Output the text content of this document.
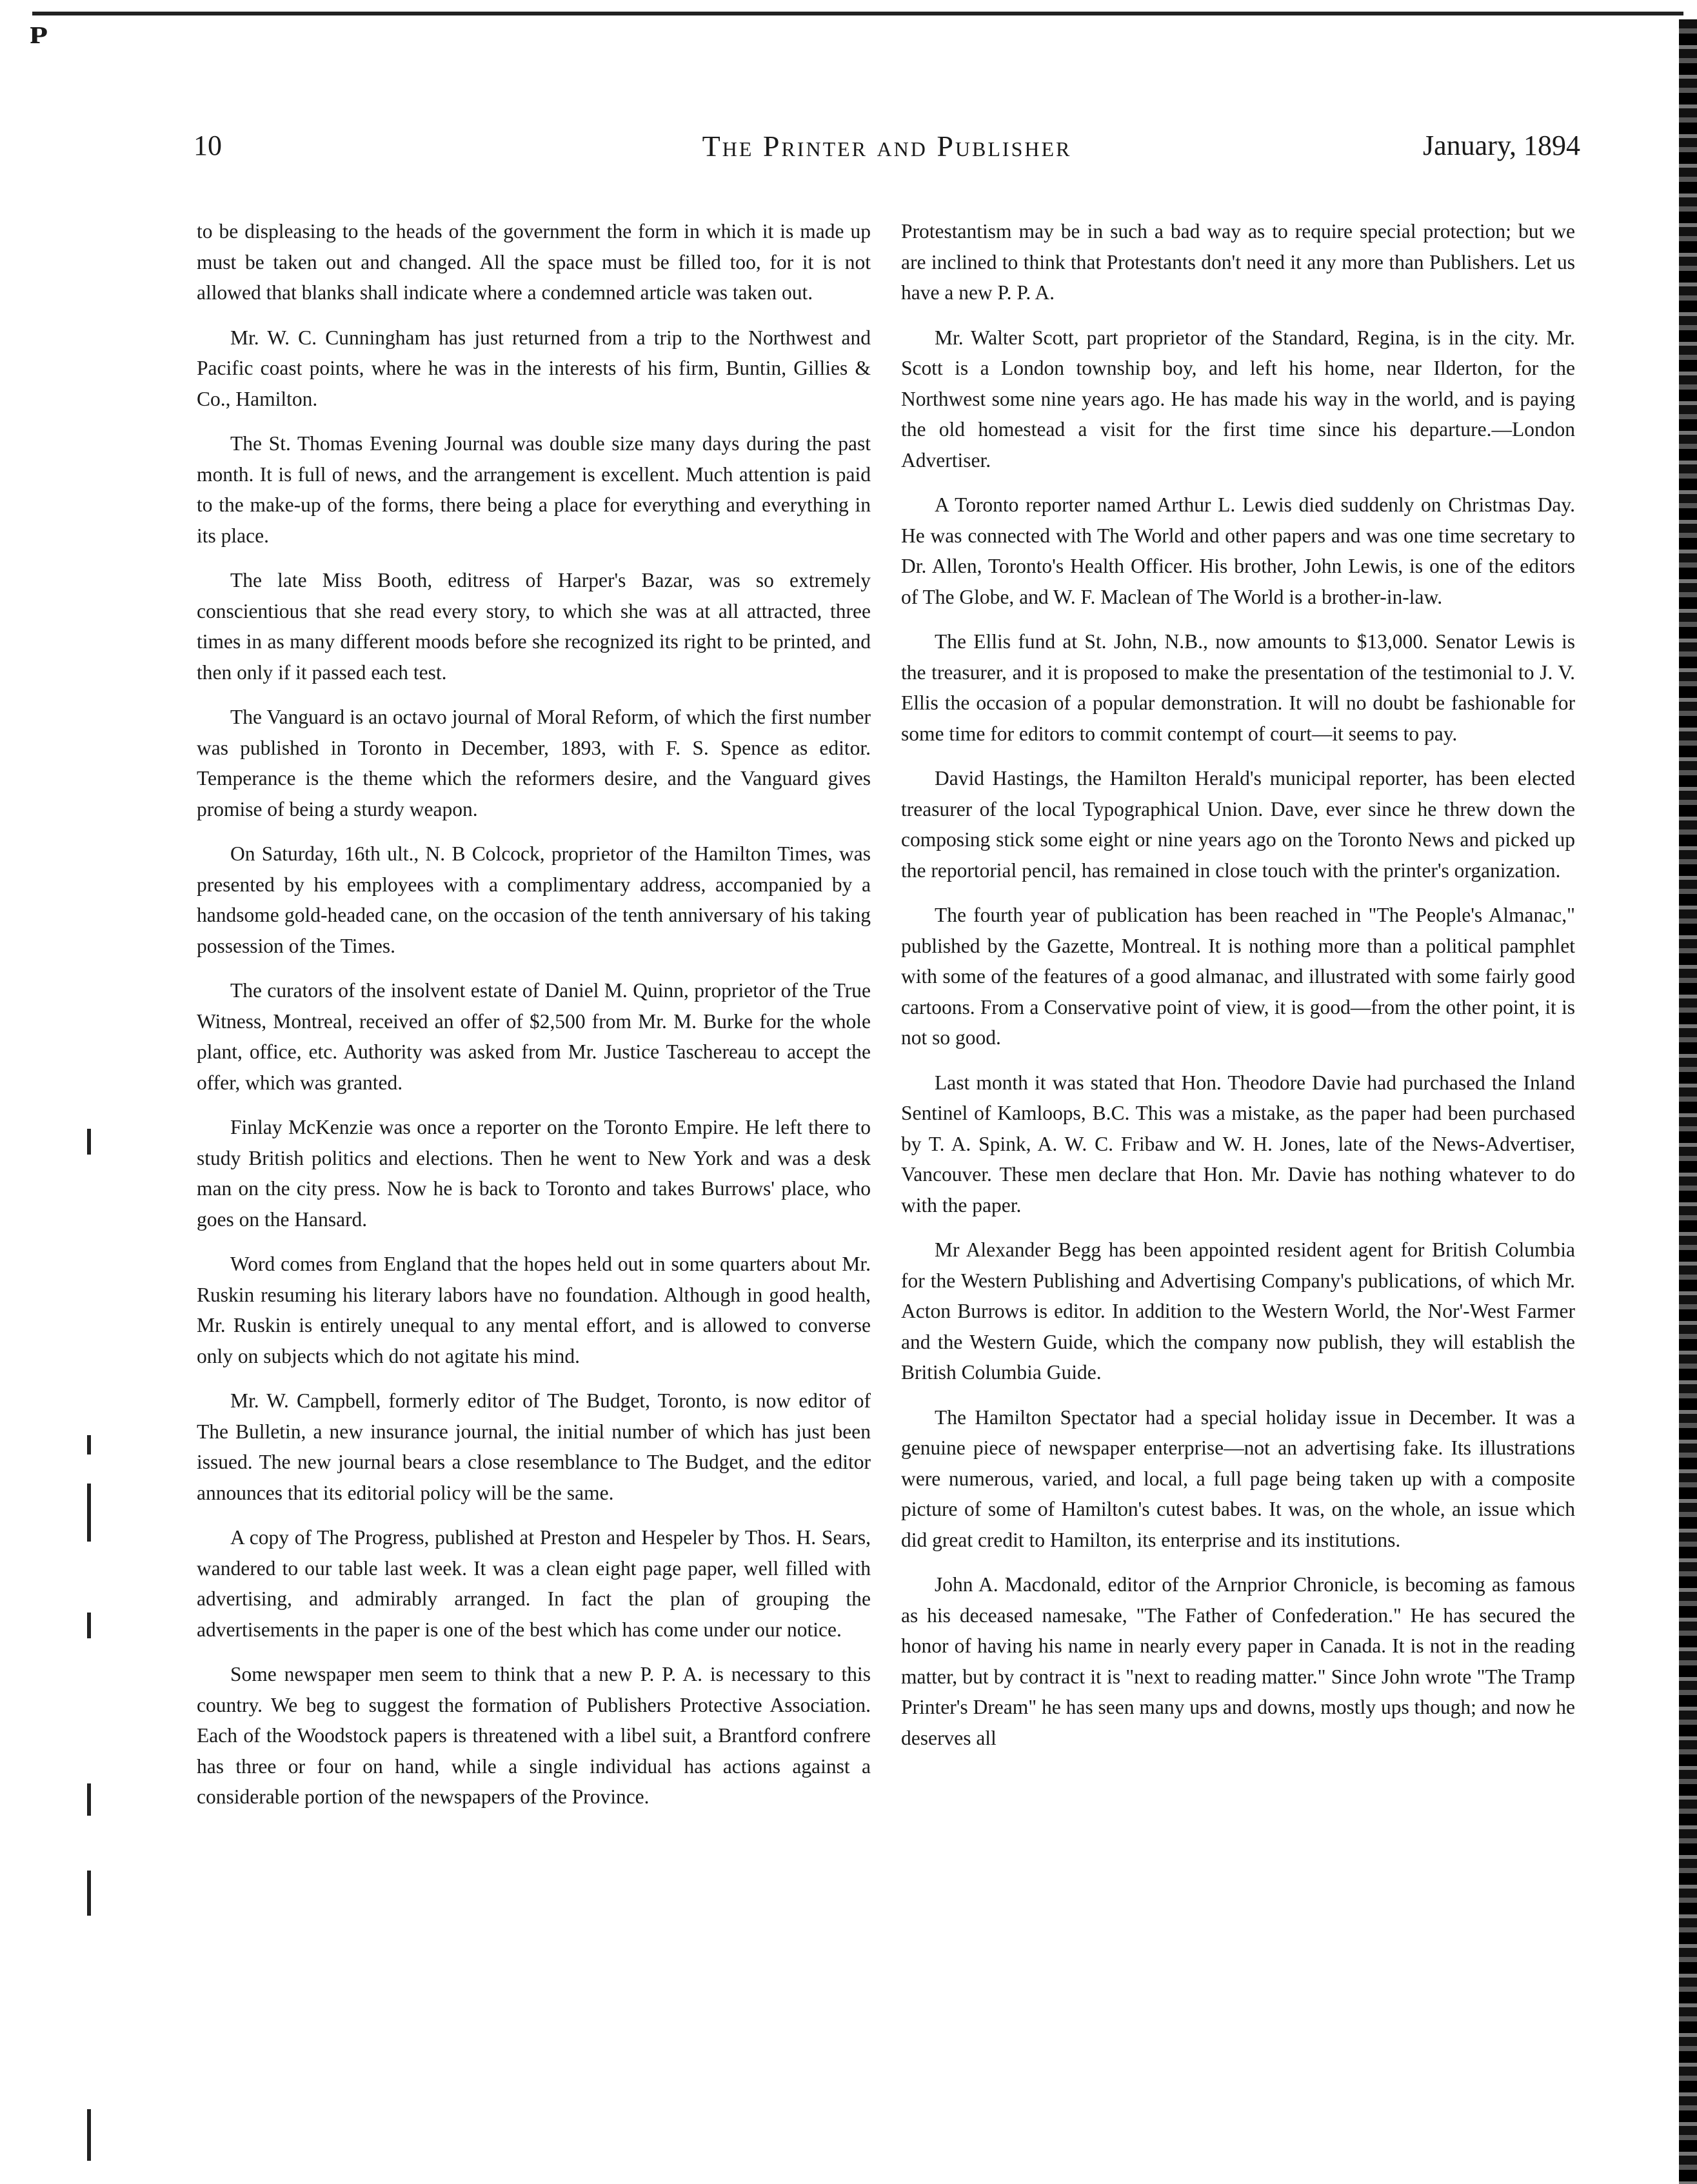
ᴘ
10	The Printer and Publisher	January, 1894

to be displeasing to the heads of the government the form in which it is made up must be taken out and changed. All the space must be filled too, for it is not allowed that blanks shall indicate where a condemned article was taken out.

Mr. W. C. Cunningham has just returned from a trip to the Northwest and Pacific coast points, where he was in the interests of his firm, Buntin, Gillies & Co., Hamilton.

The St. Thomas Evening Journal was double size many days during the past month. It is full of news, and the arrangement is excellent. Much attention is paid to the make-up of the forms, there being a place for everything and everything in its place.

The late Miss Booth, editress of Harper's Bazar, was so extremely conscientious that she read every story, to which she was at all attracted, three times in as many different moods before she recognized its right to be printed, and then only if it passed each test.

The Vanguard is an octavo journal of Moral Reform, of which the first number was published in Toronto in December, 1893, with F. S. Spence as editor. Temperance is the theme which the reformers desire, and the Vanguard gives promise of being a sturdy weapon.

On Saturday, 16th ult., N. B Colcock, proprietor of the Hamilton Times, was presented by his employees with a complimentary address, accompanied by a handsome gold-headed cane, on the occasion of the tenth anniversary of his taking possession of the Times.

The curators of the insolvent estate of Daniel M. Quinn, proprietor of the True Witness, Montreal, received an offer of $2,500 from Mr. M. Burke for the whole plant, office, etc. Authority was asked from Mr. Justice Taschereau to accept the offer, which was granted.

Finlay McKenzie was once a reporter on the Toronto Empire. He left there to study British politics and elections. Then he went to New York and was a desk man on the city press. Now he is back to Toronto and takes Burrows' place, who goes on the Hansard.

Word comes from England that the hopes held out in some quarters about Mr. Ruskin resuming his literary labors have no foundation. Although in good health, Mr. Ruskin is entirely unequal to any mental effort, and is allowed to converse only on subjects which do not agitate his mind.

Mr. W. Campbell, formerly editor of The Budget, Toronto, is now editor of The Bulletin, a new insurance journal, the initial number of which has just been issued. The new journal bears a close resemblance to The Budget, and the editor announces that its editorial policy will be the same.

A copy of The Progress, published at Preston and Hespeler by Thos. H. Sears, wandered to our table last week. It was a clean eight page paper, well filled with advertising, and admirably arranged. In fact the plan of grouping the advertisements in the paper is one of the best which has come under our notice.

Some newspaper men seem to think that a new P. P. A. is necessary to this country. We beg to suggest the formation of Publishers Protective Association. Each of the Woodstock papers is threatened with a libel suit, a Brantford confrere has three or four on hand, while a single individual has actions against a considerable portion of the newspapers of the Province.

Protestantism may be in such a bad way as to require special protection; but we are inclined to think that Protestants don't need it any more than Publishers. Let us have a new P. P. A.

Mr. Walter Scott, part proprietor of the Standard, Regina, is in the city. Mr. Scott is a London township boy, and left his home, near Ilderton, for the Northwest some nine years ago. He has made his way in the world, and is paying the old homestead a visit for the first time since his departure.—London Advertiser.

A Toronto reporter named Arthur L. Lewis died suddenly on Christmas Day. He was connected with The World and other papers and was one time secretary to Dr. Allen, Toronto's Health Officer. His brother, John Lewis, is one of the editors of The Globe, and W. F. Maclean of The World is a brother-in-law.

The Ellis fund at St. John, N.B., now amounts to $13,000. Senator Lewis is the treasurer, and it is proposed to make the presentation of the testimonial to J. V. Ellis the occasion of a popular demonstration. It will no doubt be fashionable for some time for editors to commit contempt of court—it seems to pay.

David Hastings, the Hamilton Herald's municipal reporter, has been elected treasurer of the local Typographical Union. Dave, ever since he threw down the composing stick some eight or nine years ago on the Toronto News and picked up the reportorial pencil, has remained in close touch with the printer's organization.

The fourth year of publication has been reached in "The People's Almanac," published by the Gazette, Montreal. It is nothing more than a political pamphlet with some of the features of a good almanac, and illustrated with some fairly good cartoons. From a Conservative point of view, it is good—from the other point, it is not so good.

Last month it was stated that Hon. Theodore Davie had purchased the Inland Sentinel of Kamloops, B.C. This was a mistake, as the paper had been purchased by T. A. Spink, A. W. C. Fribaw and W. H. Jones, late of the News-Advertiser, Vancouver. These men declare that Hon. Mr. Davie has nothing whatever to do with the paper.

Mr Alexander Begg has been appointed resident agent for British Columbia for the Western Publishing and Advertising Company's publications, of which Mr. Acton Burrows is editor. In addition to the Western World, the Nor'-West Farmer and the Western Guide, which the company now publish, they will establish the British Columbia Guide.

The Hamilton Spectator had a special holiday issue in December. It was a genuine piece of newspaper enterprise—not an advertising fake. Its illustrations were numerous, varied, and local, a full page being taken up with a composite picture of some of Hamilton's cutest babes. It was, on the whole, an issue which did great credit to Hamilton, its enterprise and its institutions.

John A. Macdonald, editor of the Arnprior Chronicle, is becoming as famous as his deceased namesake, "The Father of Confederation." He has secured the honor of having his name in nearly every paper in Canada. It is not in the reading matter, but by contract it is "next to reading matter." Since John wrote "The Tramp Printer's Dream" he has seen many ups and downs, mostly ups though; and now he deserves all
